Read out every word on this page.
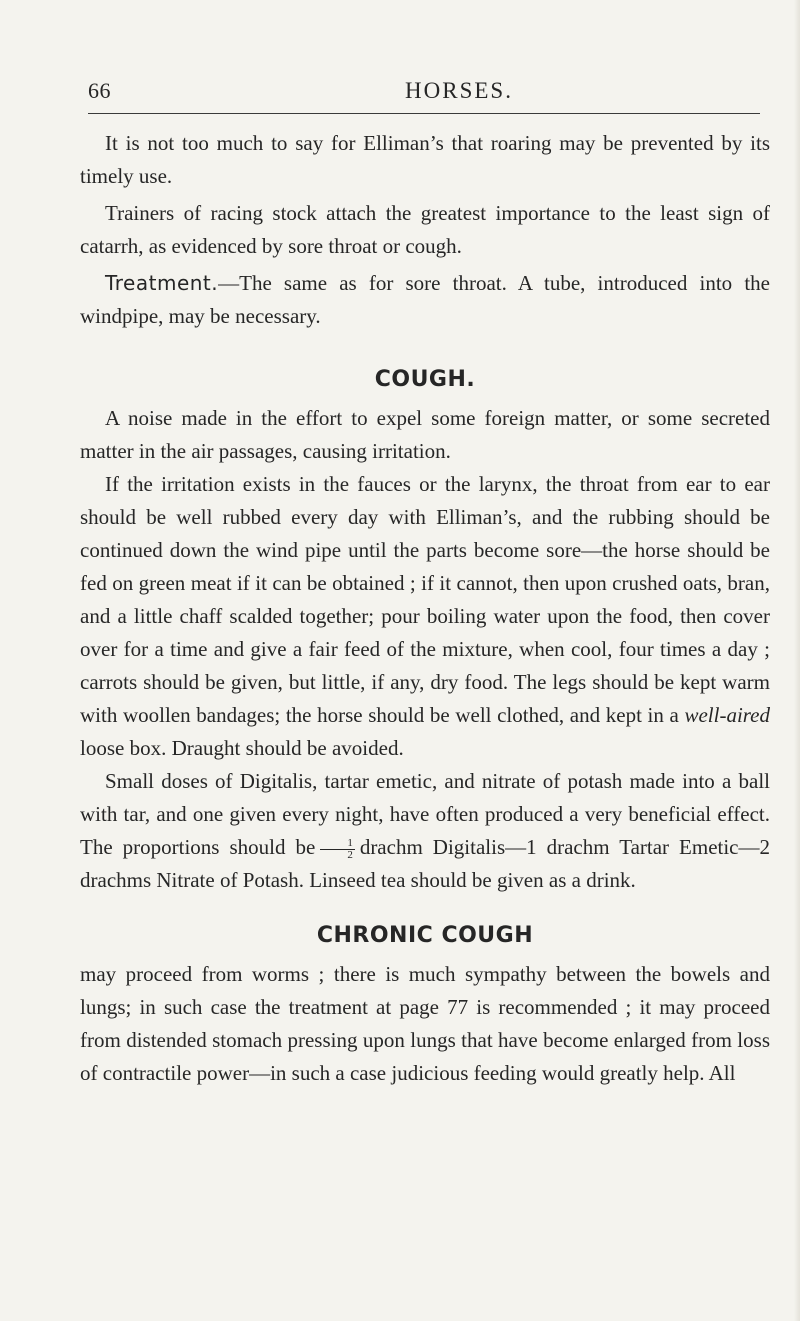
66	HORSES.

It is not too much to say for Elliman’s that roaring may be prevented by its timely use.

Trainers of racing stock attach the greatest importance to the least sign of catarrh, as evidenced by sore throat or cough.

Treatment.—The same as for sore throat. A tube, introduced into the windpipe, may be necessary.

COUGH.

A noise made in the effort to expel some foreign matter, or some secreted matter in the air passages, causing irritation.

If the irritation exists in the fauces or the larynx, the throat from ear to ear should be well rubbed every day with Elliman’s, and the rubbing should be continued down the wind pipe until the parts become sore—the horse should be fed on green meat if it can be obtained ; if it cannot, then upon crushed oats, bran, and a little chaff scalded together; pour boiling water upon the food, then cover over for a time and give a fair feed of the mixture, when cool, four times a day ; carrots should be given, but little, if any, dry food. The legs should be kept warm with woollen bandages; the horse should be well clothed, and kept in a well-aired loose box. Draught should be avoided.

Small doses of Digitalis, tartar emetic, and nitrate of potash made into a ball with tar, and one given every night, have often produced a very beneficial effect. The proportions should be $\frac{1}{2}$ drachm Digitalis—1 drachm Tartar Emetic—2 drachms Nitrate of Potash. Linseed tea should be given as a drink.

CHRONIC COUGH

may proceed from worms ; there is much sympathy between the bowels and lungs; in such case the treatment at page 77 is recommended ; it may proceed from distended stomach pressing upon lungs that have become enlarged from loss of contractile power—in such a case judicious feeding would greatly help. All
